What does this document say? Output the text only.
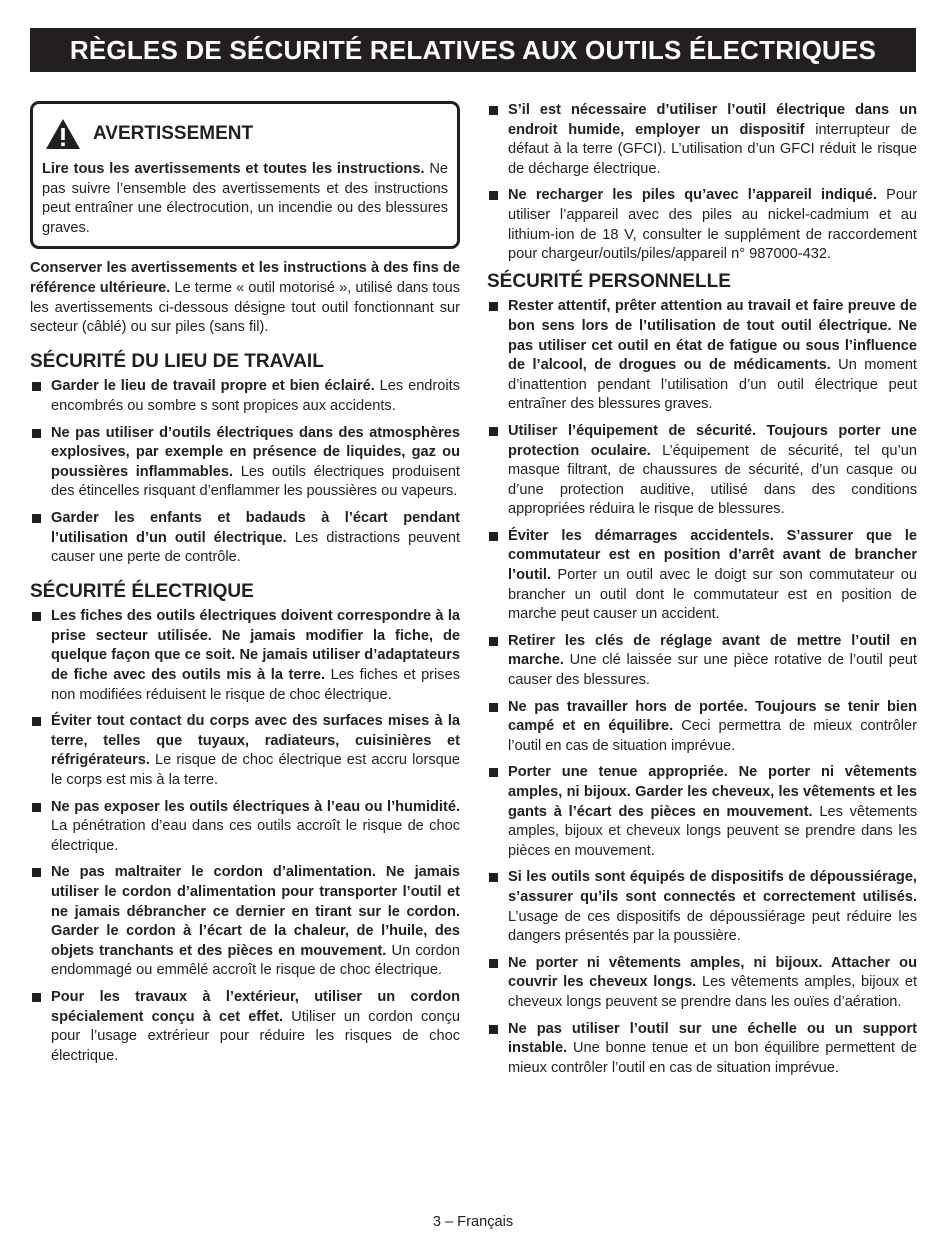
RÈGLES DE SÉCURITÉ RELATIVES AUX OUTILS ÉLECTRIQUES
AVERTISSEMENT
Lire tous les avertissements et toutes les instructions. Ne pas suivre l’ensemble des avertissements et des instructions peut entraîner une électrocution, un incendie ou des blessures graves.
Conserver les avertissements et les instructions à des fins de référence ultérieure. Le terme « outil motorisé », utilisé dans tous les avertissements ci-dessous désigne tout outil fonctionnant sur secteur (câblé) ou sur piles (sans fil).
SÉCURITÉ DU LIEU DE TRAVAIL
Garder le lieu de travail propre et bien éclairé. Les endroits encombrés ou sombre s sont propices aux accidents.
Ne pas utiliser d’outils électriques dans des atmosphères explosives, par exemple en présence de liquides, gaz ou poussières inflammables. Les outils électriques produisent des étincelles risquant d’enflammer les poussières ou vapeurs.
Garder les enfants et badauds à l’écart pendant l’utilisation d’un outil électrique. Les distractions peuvent causer une perte de contrôle.
SÉCURITÉ ÉLECTRIQUE
Les fiches des outils électriques doivent correspondre à la prise secteur utilisée. Ne jamais modifier la fiche, de quelque façon que ce soit. Ne jamais utiliser d’adaptateurs de fiche avec des outils mis à la terre. Les fiches et prises non modifiées réduisent le risque de choc électrique.
Éviter tout contact du corps avec des surfaces mises à la terre, telles que tuyaux, radiateurs, cuisinières et réfrigérateurs. Le risque de choc électrique est accru lorsque le corps est mis à la terre.
Ne pas exposer les outils électriques à l’eau ou l’humidité. La pénétration d’eau dans ces outils accroît le risque de choc électrique.
Ne pas maltraiter le cordon d’alimentation. Ne jamais utiliser le cordon d’alimentation pour transporter l’outil et ne jamais débrancher ce dernier en tirant sur le cordon. Garder le cordon à l’écart de la chaleur, de l’huile, des objets tranchants et des pièces en mouvement. Un cordon endommagé ou emmêlé accroît le risque de choc électrique.
Pour les travaux à l’extérieur, utiliser un cordon spécialement conçu à cet effet. Utiliser un cordon conçu pour l’usage extrérieur pour réduire les risques de choc électrique.
S’il est nécessaire d’utiliser l’outil électrique dans un endroit humide, employer un dispositif interrupteur de défaut à la terre (GFCI). L’utilisation d’un GFCI réduit le risque de décharge électrique.
Ne recharger les piles qu’avec l’appareil indiqué. Pour utiliser l’appareil avec des piles au nickel-cadmium et au lithium-ion de 18 V, consulter le supplément de raccordement pour chargeur/outils/piles/appareil n° 987000-432.
SÉCURITÉ PERSONNELLE
Rester attentif, prêter attention au travail et faire preuve de bon sens lors de l’utilisation de tout outil électrique. Ne pas utiliser cet outil en état de fatigue ou sous l’influence de l’alcool, de drogues ou de médicaments. Un moment d’inattention pendant l’utilisation d’un outil électrique peut entraîner des blessures graves.
Utiliser l’équipement de sécurité. Toujours porter une protection oculaire. L’équipement de sécurité, tel qu’un masque filtrant, de chaussures de sécurité, d’un casque ou d’une protection auditive, utilisé dans des conditions appropriées réduira le risque de blessures.
Éviter les démarrages accidentels. S’assurer que le commutateur est en position d’arrêt avant de brancher l’outil. Porter un outil avec le doigt sur son commutateur ou brancher un outil dont le commutateur est en position de marche peut causer un accident.
Retirer les clés de réglage avant de mettre l’outil en marche. Une clé laissée sur une pièce rotative de l’outil peut causer des blessures.
Ne pas travailler hors de portée. Toujours se tenir bien campé et en équilibre. Ceci permettra de mieux contrôler l’outil en cas de situation imprévue.
Porter une tenue appropriée. Ne porter ni vêtements amples, ni bijoux. Garder les cheveux, les vêtements et les gants à l’écart des pièces en mouvement. Les vêtements amples, bijoux et cheveux longs peuvent se prendre dans les pièces en mouvement.
Si les outils sont équipés de dispositifs de dépoussiérage, s’assurer qu’ils sont connectés et correctement utilisés. L’usage de ces dispositifs de dépoussiérage peut réduire les dangers présentés par la poussière.
Ne porter ni vêtements amples, ni bijoux. Attacher ou couvrir les cheveux longs. Les vêtements amples, bijoux et cheveux longs peuvent se prendre dans les ouïes d’aération.
Ne pas utiliser l’outil sur une échelle ou un support instable. Une bonne tenue et un bon équilibre permettent de mieux contrôler l’outil en cas de situation imprévue.
3 – Français
